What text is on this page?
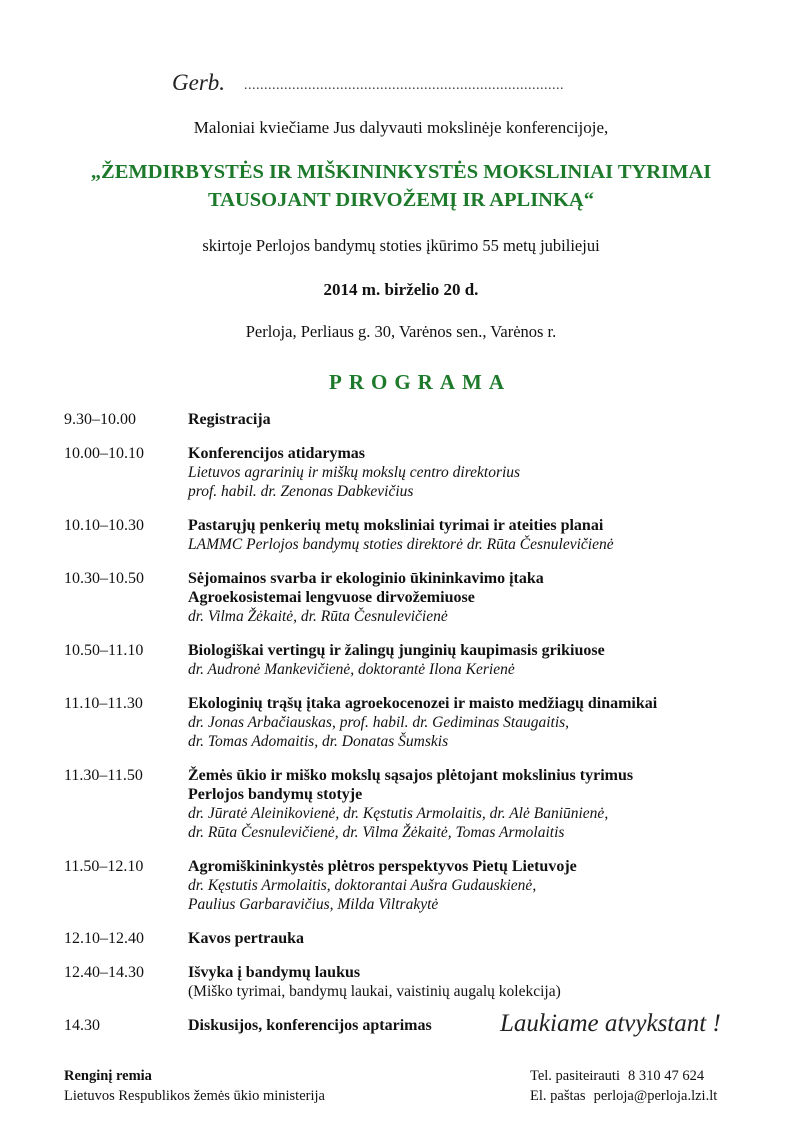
Gerb. ................................................................................
Maloniai kviečiame Jus dalyvauti mokslinėje konferencijoje,
„ŽEMDIRBYSTĖS IR MIŠKININKYSTĖS MOKSLINIAI TYRIMAI
TAUSOJANT DIRVOŽEMĮ IR APLINKĄ“
skirtoje Perlojos bandymų stoties įkūrimo 55 metų jubiliejui
2014 m. birželio 20 d.
Perloja, Perliaus g. 30, Varėnos sen., Varėnos r.
PROGRAMA
9.30–10.00	Registracija
10.00–10.10	Konferencijos atidarymas
Lietuvos agrarinių ir miškų mokslų centro direktorius
prof. habil. dr. Zenonas Dabkevičius
10.10–10.30	Pastarųjų penkerių metų moksliniai tyrimai ir ateities planai
LAMMC Perlojos bandymų stoties direktorė dr. Rūta Česnulevičienė
10.30–10.50	Sėjomainos svarba ir ekologinio ūkininkavimo įtaka
Agroekosistemai lengvuose dirvožemiuose
dr. Vilma Žėkaitė, dr. Rūta Česnulevičienė
10.50–11.10	Biologiškai vertingų ir žalingų junginių kaupimasis grikiuose
dr. Audronė Mankevičienė, doktorantė Ilona Kerienė
11.10–11.30	Ekologinių trąšų įtaka agroekocenozei ir maisto medžiagų dinamikai
dr. Jonas Arbačiauskas, prof. habil. dr. Gediminas Staugaitis,
dr. Tomas Adomaitis, dr. Donatas Šumskis
11.30–11.50	Žemės ūkio ir miško mokslų sąsajos plėtojant mokslinius tyrimus
Perlojos bandymų stotyje
dr. Jūratė Aleinikovienė, dr. Kęstutis Armolaitis, dr. Alė Baniūnienė,
dr. Rūta Česnulevičienė, dr. Vilma Žėkaitė, Tomas Armolaitis
11.50–12.10	Agromiškininkystės plėtros perspektyvos Pietų Lietuvoje
dr. Kęstutis Armolaitis, doktorantai Aušra Gudauskienė,
Paulius Garbaravičius, Milda Viltrakytė
12.10–12.40	Kavos pertrauka
12.40–14.30	Išvyka į bandymų laukus
(Miško tyrimai, bandymų laukai, vaistinių augalų kolekcija)
14.30	Diskusijos, konferencijos aptarimas	Laukiame atvykstant !
Renginį remia
Lietuvos Respublikos žemės ūkio ministerija
Tel. pasiteirauti 8 310 47 624
El. paštas perloja@perloja.lzi.lt
